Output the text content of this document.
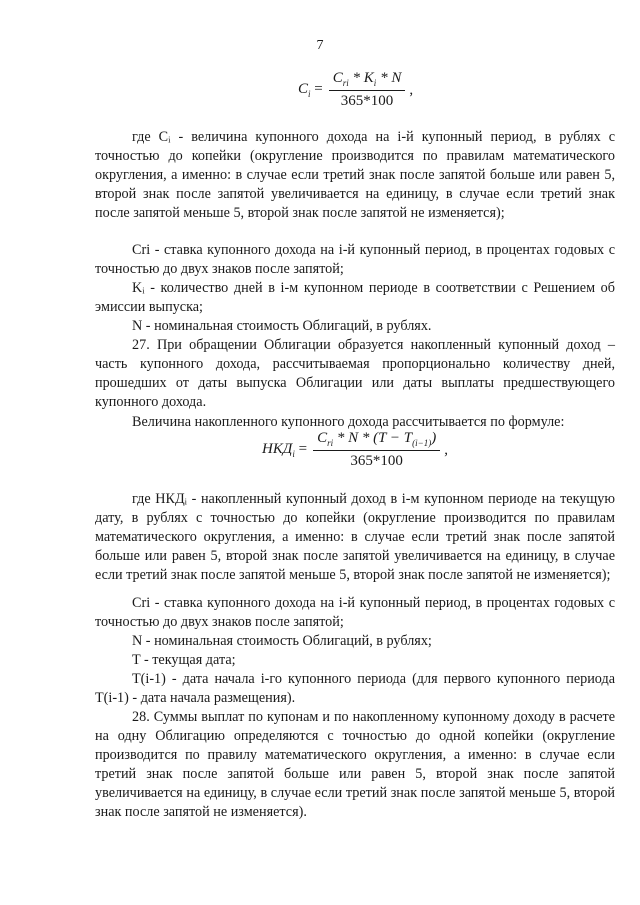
7
$C_i = \frac{C_{ri} * K_i * N}{365*100}$ ,

где Cᵢ - величина купонного дохода на i-й купонный период, в рублях с точностью до копейки (округление производится по правилам математического округления, а именно: в случае если третий знак после запятой больше или равен 5, второй знак после запятой увеличивается на единицу, в случае если третий знак после запятой меньше 5, второй знак после запятой не изменяется);

Cri - ставка купонного дохода на i-й купонный период, в процентах годовых с точностью до двух знаков после запятой;

Kᵢ - количество дней в i-м купонном периоде в соответствии с Решением об эмиссии выпуска;

N - номинальная стоимость Облигаций, в рублях.

27. При обращении Облигации образуется накопленный купонный доход – часть купонного дохода, рассчитываемая пропорционально количеству дней, прошедших от даты выпуска Облигации или даты выплаты предшествующего купонного дохода.

Величина накопленного купонного дохода рассчитывается по формуле:

$НКД_i = \frac{C_{ri} * N * (T - T_{(i-1)})}{365*100}$ ,

где НКДᵢ - накопленный купонный доход в i-м купонном периоде на текущую дату, в рублях с точностью до копейки (округление производится по правилам математического округления, а именно: в случае если третий знак после запятой больше или равен 5, второй знак после запятой увеличивается на единицу, в случае если третий знак после запятой меньше 5, второй знак после запятой не изменяется);

Cri - ставка купонного дохода на i-й купонный период, в процентах годовых с точностью до двух знаков после запятой;

N - номинальная стоимость Облигаций, в рублях;

T - текущая дата;

T(i-1) - дата начала i-го купонного периода (для первого купонного периода T(i-1) - дата начала размещения).

28. Суммы выплат по купонам и по накопленному купонному доходу в расчете на одну Облигацию определяются с точностью до одной копейки (округление производится по правилу математического округления, а именно: в случае если третий знак после запятой больше или равен 5, второй знак после запятой увеличивается на единицу, в случае если третий знак после запятой меньше 5, второй знак после запятой не изменяется).
